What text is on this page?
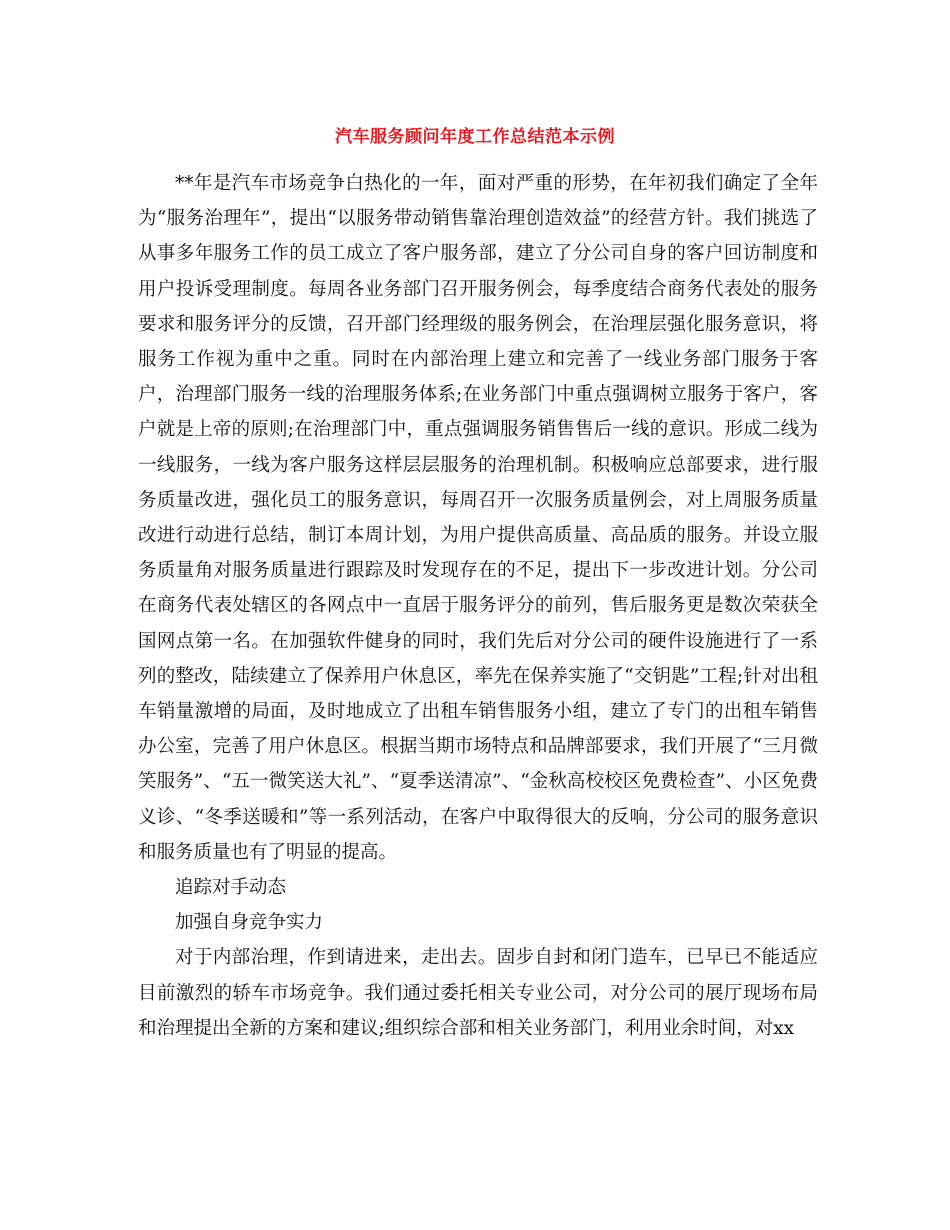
汽车服务顾问年度工作总结范本示例

**年是汽车市场竞争白热化的一年，面对严重的形势，在年初我们确定了全年为“服务治理年”，提出“以服务带动销售靠治理创造效益”的经营方针。我们挑选了从事多年服务工作的员工成立了客户服务部，建立了分公司自身的客户回访制度和用户投诉受理制度。每周各业务部门召开服务例会，每季度结合商务代表处的服务要求和服务评分的反馈，召开部门经理级的服务例会，在治理层强化服务意识，将服务工作视为重中之重。同时在内部治理上建立和完善了一线业务部门服务于客户，治理部门服务一线的治理服务体系;在业务部门中重点强调树立服务于客户，客户就是上帝的原则;在治理部门中，重点强调服务销售售后一线的意识。形成二线为一线服务，一线为客户服务这样层层服务的治理机制。积极响应总部要求，进行服务质量改进，强化员工的服务意识，每周召开一次服务质量例会，对上周服务质量改进行动进行总结，制订本周计划，为用户提供高质量、高品质的服务。并设立服务质量角对服务质量进行跟踪及时发现存在的不足，提出下一步改进计划。分公司在商务代表处辖区的各网点中一直居于服务评分的前列，售后服务更是数次荣获全国网点第一名。在加强软件健身的同时，我们先后对分公司的硬件设施进行了一系列的整改，陆续建立了保养用户休息区，率先在保养实施了“交钥匙”工程;针对出租车销量激增的局面，及时地成立了出租车销售服务小组，建立了专门的出租车销售办公室，完善了用户休息区。根据当期市场特点和品牌部要求，我们开展了“三月微笑服务”、“五一微笑送大礼”、“夏季送清凉”、“金秋高校校区免费检查”、小区免费义诊、“冬季送暖和”等一系列活动，在客户中取得很大的反响，分公司的服务意识和服务质量也有了明显的提高。

追踪对手动态

加强自身竞争实力

对于内部治理，作到请进来，走出去。固步自封和闭门造车，已早已不能适应目前激烈的轿车市场竞争。我们通过委托相关专业公司，对分公司的展厅现场布局和治理提出全新的方案和建议;组织综合部和相关业务部门，利用业余时间，对xx
